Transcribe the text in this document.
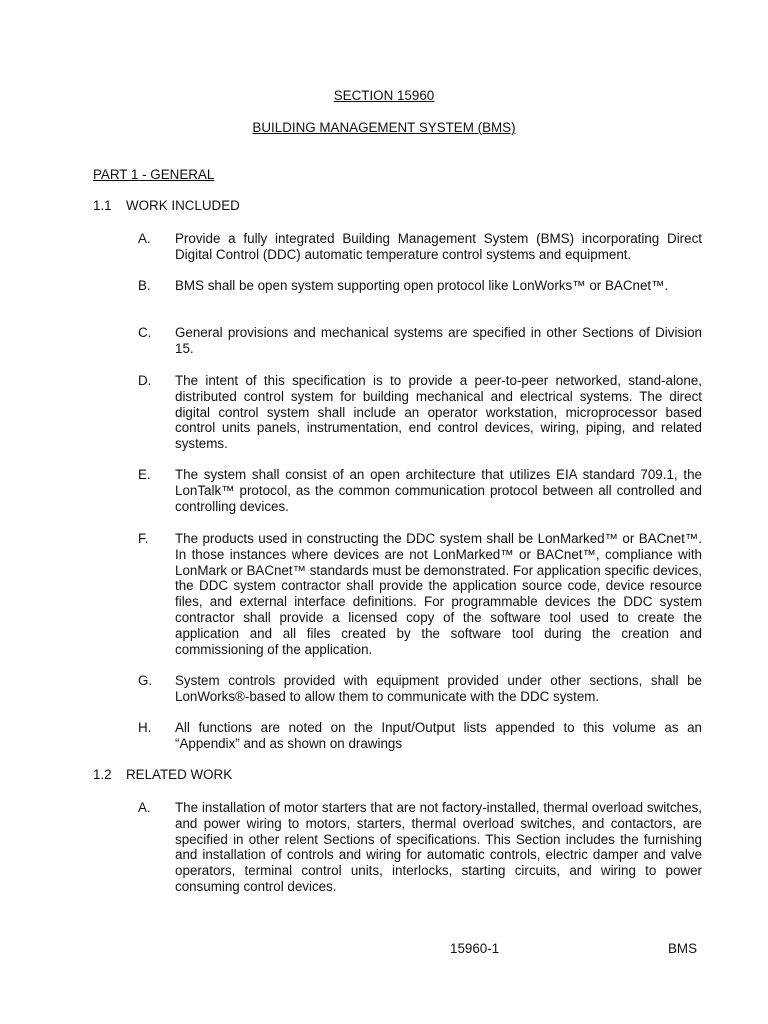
SECTION 15960
BUILDING MANAGEMENT SYSTEM (BMS)
PART 1 - GENERAL
1.1 WORK INCLUDED
A.	Provide a fully integrated Building Management System (BMS) incorporating Direct Digital Control (DDC) automatic temperature control systems and equipment.
B.	BMS shall be open system supporting open protocol like LonWorks™ or BACnet™.
C.	General provisions and mechanical systems are specified in other Sections of Division 15.
D.	The intent of this specification is to provide a peer-to-peer networked, stand-alone, distributed control system for building mechanical and electrical systems. The direct digital control system shall include an operator workstation, microprocessor based control units panels, instrumentation, end control devices, wiring, piping, and related systems.
E.	The system shall consist of an open architecture that utilizes EIA standard 709.1, the LonTalk™ protocol, as the common communication protocol between all controlled and controlling devices.
F.	The products used in constructing the DDC system shall be LonMarked™ or BACnet™. In those instances where devices are not LonMarked™ or BACnet™, compliance with LonMark or BACnet™ standards must be demonstrated. For application specific devices, the DDC system contractor shall provide the application source code, device resource files, and external interface definitions. For programmable devices the DDC system contractor shall provide a licensed copy of the software tool used to create the application and all files created by the software tool during the creation and commissioning of the application.
G.	System controls provided with equipment provided under other sections, shall be LonWorks®-based to allow them to communicate with the DDC system.
H.	All functions are noted on the Input/Output lists appended to this volume as an “Appendix” and as shown on drawings
1.2 RELATED WORK
A.	The installation of motor starters that are not factory-installed, thermal overload switches, and power wiring to motors, starters, thermal overload switches, and contactors, are specified in other relent Sections of specifications. This Section includes the furnishing and installation of controls and wiring for automatic controls, electric damper and valve operators, terminal control units, interlocks, starting circuits, and wiring to power consuming control devices.
15960-1	BMS
